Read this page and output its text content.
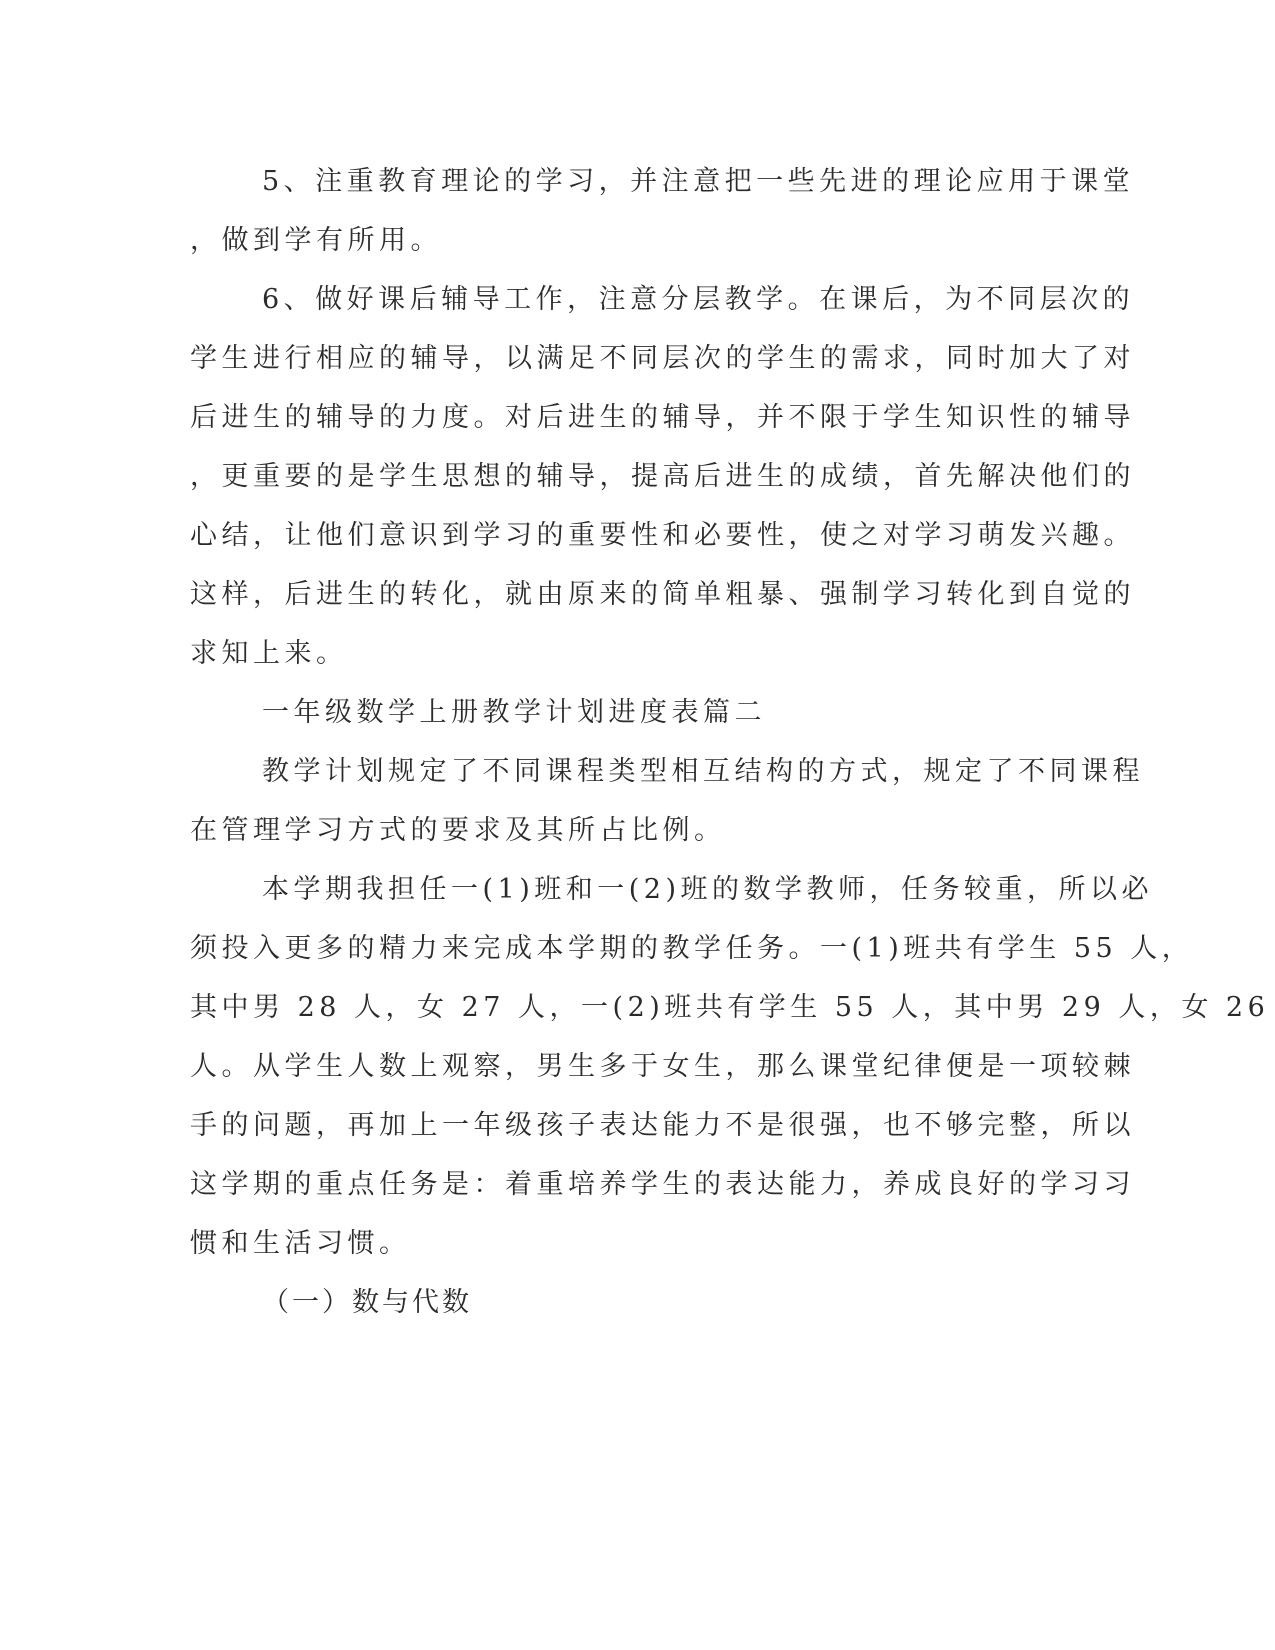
5、注重教育理论的学习，并注意把一些先进的理论应用于课堂
，做到学有所用。
6、做好课后辅导工作，注意分层教学。在课后，为不同层次的
学生进行相应的辅导，以满足不同层次的学生的需求，同时加大了对
后进生的辅导的力度。对后进生的辅导，并不限于学生知识性的辅导
，更重要的是学生思想的辅导，提高后进生的成绩，首先解决他们的
心结，让他们意识到学习的重要性和必要性，使之对学习萌发兴趣。
这样，后进生的转化，就由原来的简单粗暴、强制学习转化到自觉的
求知上来。
一年级数学上册教学计划进度表篇二
教学计划规定了不同课程类型相互结构的方式，规定了不同课程
在管理学习方式的要求及其所占比例。
本学期我担任一(1)班和一(2)班的数学教师，任务较重，所以必
须投入更多的精力来完成本学期的教学任务。一(1)班共有学生 55 人，
其中男 28 人，女 27 人，一(2)班共有学生 55 人，其中男 29 人，女 26
人。从学生人数上观察，男生多于女生，那么课堂纪律便是一项较棘
手的问题，再加上一年级孩子表达能力不是很强，也不够完整，所以
这学期的重点任务是：着重培养学生的表达能力，养成良好的学习习
惯和生活习惯。
（一）数与代数
